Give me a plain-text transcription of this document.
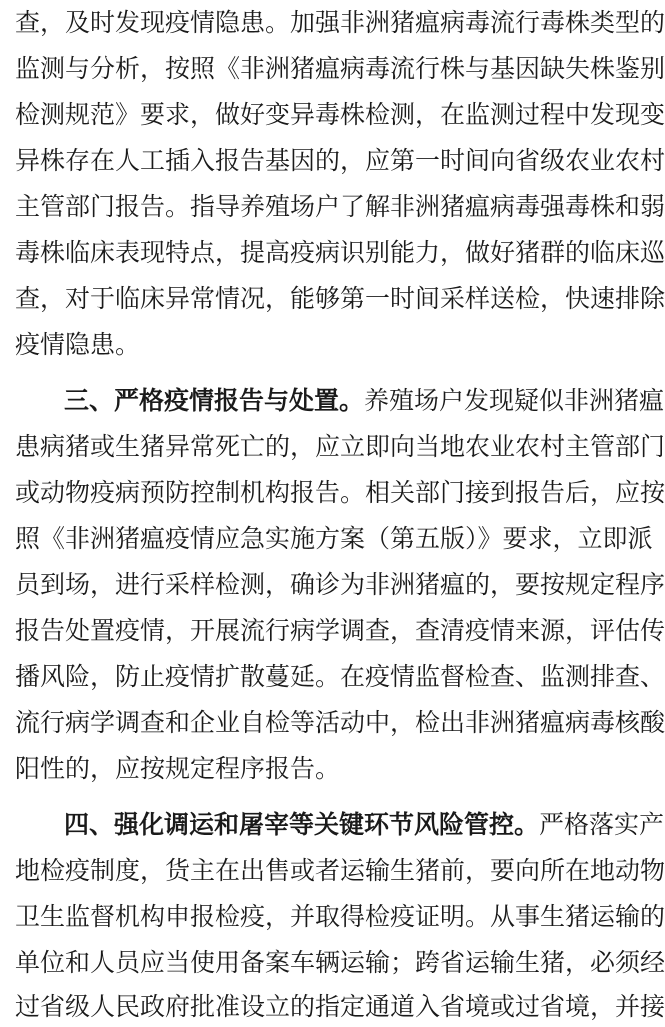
查，及时发现疫情隐患。加强非洲猪瘟病毒流行毒株类型的
监测与分析，按照《非洲猪瘟病毒流行株与基因缺失株鉴别
检测规范》要求，做好变异毒株检测，在监测过程中发现变
异株存在人工插入报告基因的，应第一时间向省级农业农村
主管部门报告。指导养殖场户了解非洲猪瘟病毒强毒株和弱
毒株临床表现特点，提高疫病识别能力，做好猪群的临床巡
查，对于临床异常情况，能够第一时间采样送检，快速排除
疫情隐患。
三、严格疫情报告与处置。养殖场户发现疑似非洲猪瘟
患病猪或生猪异常死亡的，应立即向当地农业农村主管部门
或动物疫病预防控制机构报告。相关部门接到报告后，应按
照《非洲猪瘟疫情应急实施方案（第五版）》要求，立即派
员到场，进行采样检测，确诊为非洲猪瘟的，要按规定程序
报告处置疫情，开展流行病学调查，查清疫情来源，评估传
播风险，防止疫情扩散蔓延。在疫情监督检查、监测排查、
流行病学调查和企业自检等活动中，检出非洲猪瘟病毒核酸
阳性的，应按规定程序报告。
四、强化调运和屠宰等关键环节风险管控。严格落实产
地检疫制度，货主在出售或者运输生猪前，要向所在地动物
卫生监督机构申报检疫，并取得检疫证明。从事生猪运输的
单位和人员应当使用备案车辆运输；跨省运输生猪，必须经
过省级人民政府批准设立的指定通道入省境或过省境，并接
